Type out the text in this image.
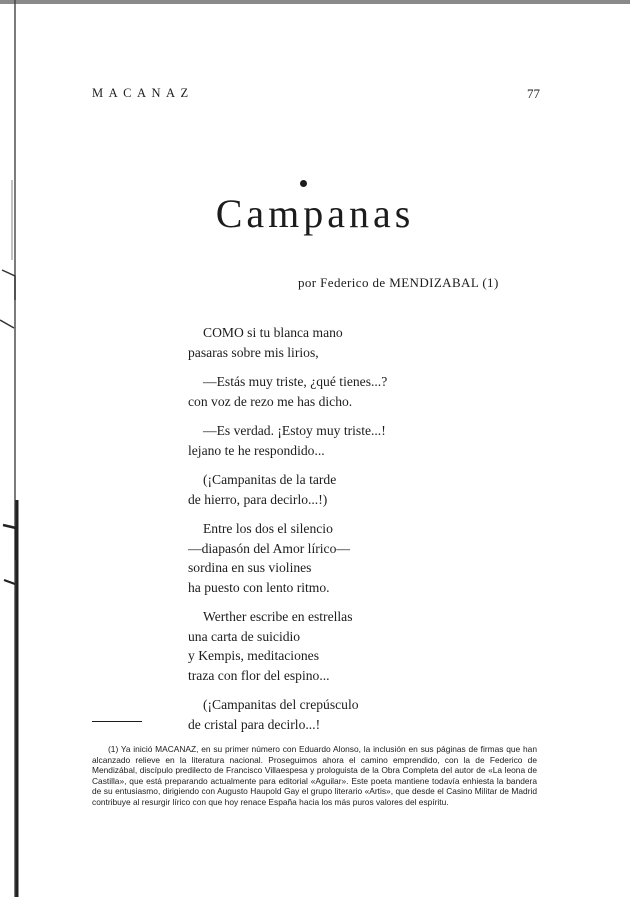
MACANAZ	77
Campanas
por Federico de MENDIZABAL (1)
COMO si tu blanca mano
pasaras sobre mis lirios,
—Estás muy triste, ¿qué tienes...?
con voz de rezo me has dicho.
—Es verdad. ¡Estoy muy triste...!
lejano te he respondido...
(¡Campanitas de la tarde
de hierro, para decirlo...!)
Entre los dos el silencio
—diapasón del Amor lírico—
sordina en sus violines
ha puesto con lento ritmo.
Werther escribe en estrellas
una carta de suicidio
y Kempis, meditaciones
traza con flor del espino...
(¡Campanitas del crepúsculo
de cristal para decirlo...!
(1) Ya inició MACANAZ, en su primer número con Eduardo Alonso, la inclusión en sus páginas de firmas que han alcanzado relieve en la literatura nacional. Proseguimos ahora el camino emprendido, con la de Federico de Mendizábal, discípulo predilecto de Francisco Villaespesa y prologuista de la Obra Completa del autor de «La leona de Castilla», que está preparando actualmente para editorial «Aguilar». Este poeta mantiene todavía enhiesta la bandera de su entusiasmo, dirigiendo con Augusto Haupold Gay el grupo literario «Artis», que desde el Casino Militar de Madrid contribuye al resurgir lírico con que hoy renace España hacia los más puros valores del espíritu.
